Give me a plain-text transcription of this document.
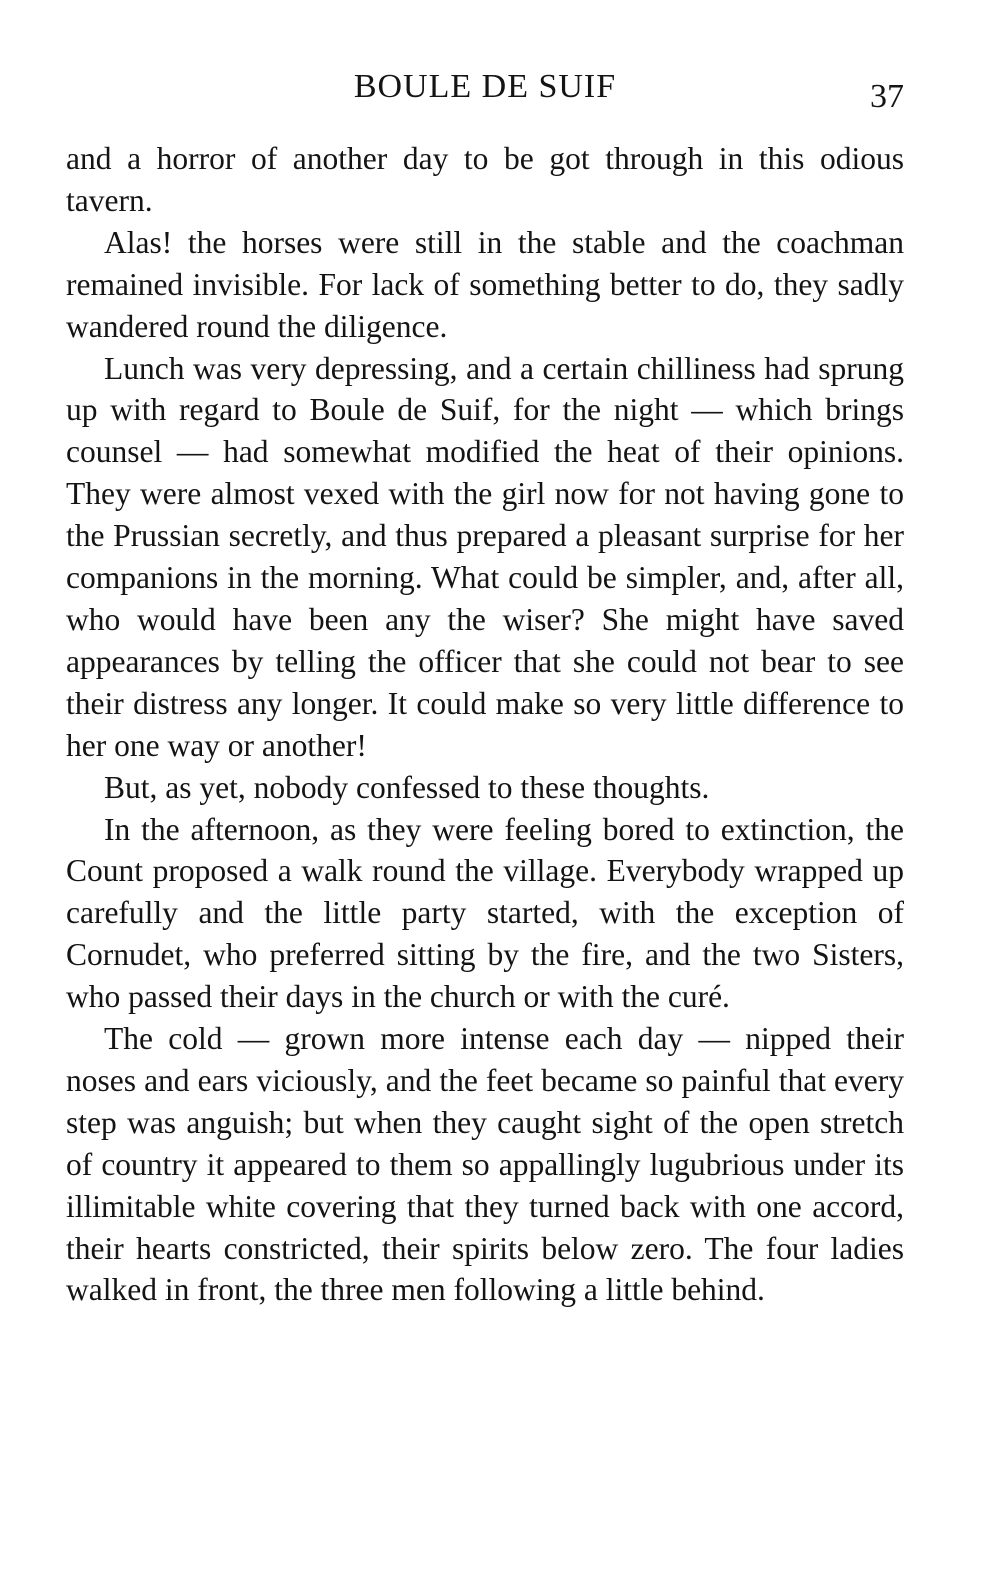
BOULE DE SUIF	37

and a horror of another day to be got through in this odious tavern.

Alas! the horses were still in the stable and the coachman remained invisible. For lack of something better to do, they sadly wandered round the diligence.

Lunch was very depressing, and a certain chilliness had sprung up with regard to Boule de Suif, for the night — which brings counsel — had somewhat modified the heat of their opinions. They were almost vexed with the girl now for not having gone to the Prussian secretly, and thus prepared a pleasant surprise for her companions in the morning. What could be simpler, and, after all, who would have been any the wiser? She might have saved appearances by telling the officer that she could not bear to see their distress any longer. It could make so very little difference to her one way or another!

But, as yet, nobody confessed to these thoughts.

In the afternoon, as they were feeling bored to extinction, the Count proposed a walk round the village. Everybody wrapped up carefully and the little party started, with the exception of Cornudet, who preferred sitting by the fire, and the two Sisters, who passed their days in the church or with the curé.

The cold — grown more intense each day — nipped their noses and ears viciously, and the feet became so painful that every step was anguish; but when they caught sight of the open stretch of country it appeared to them so appallingly lugubrious under its illimitable white covering that they turned back with one accord, their hearts constricted, their spirits below zero. The four ladies walked in front, the three men following a little behind.
